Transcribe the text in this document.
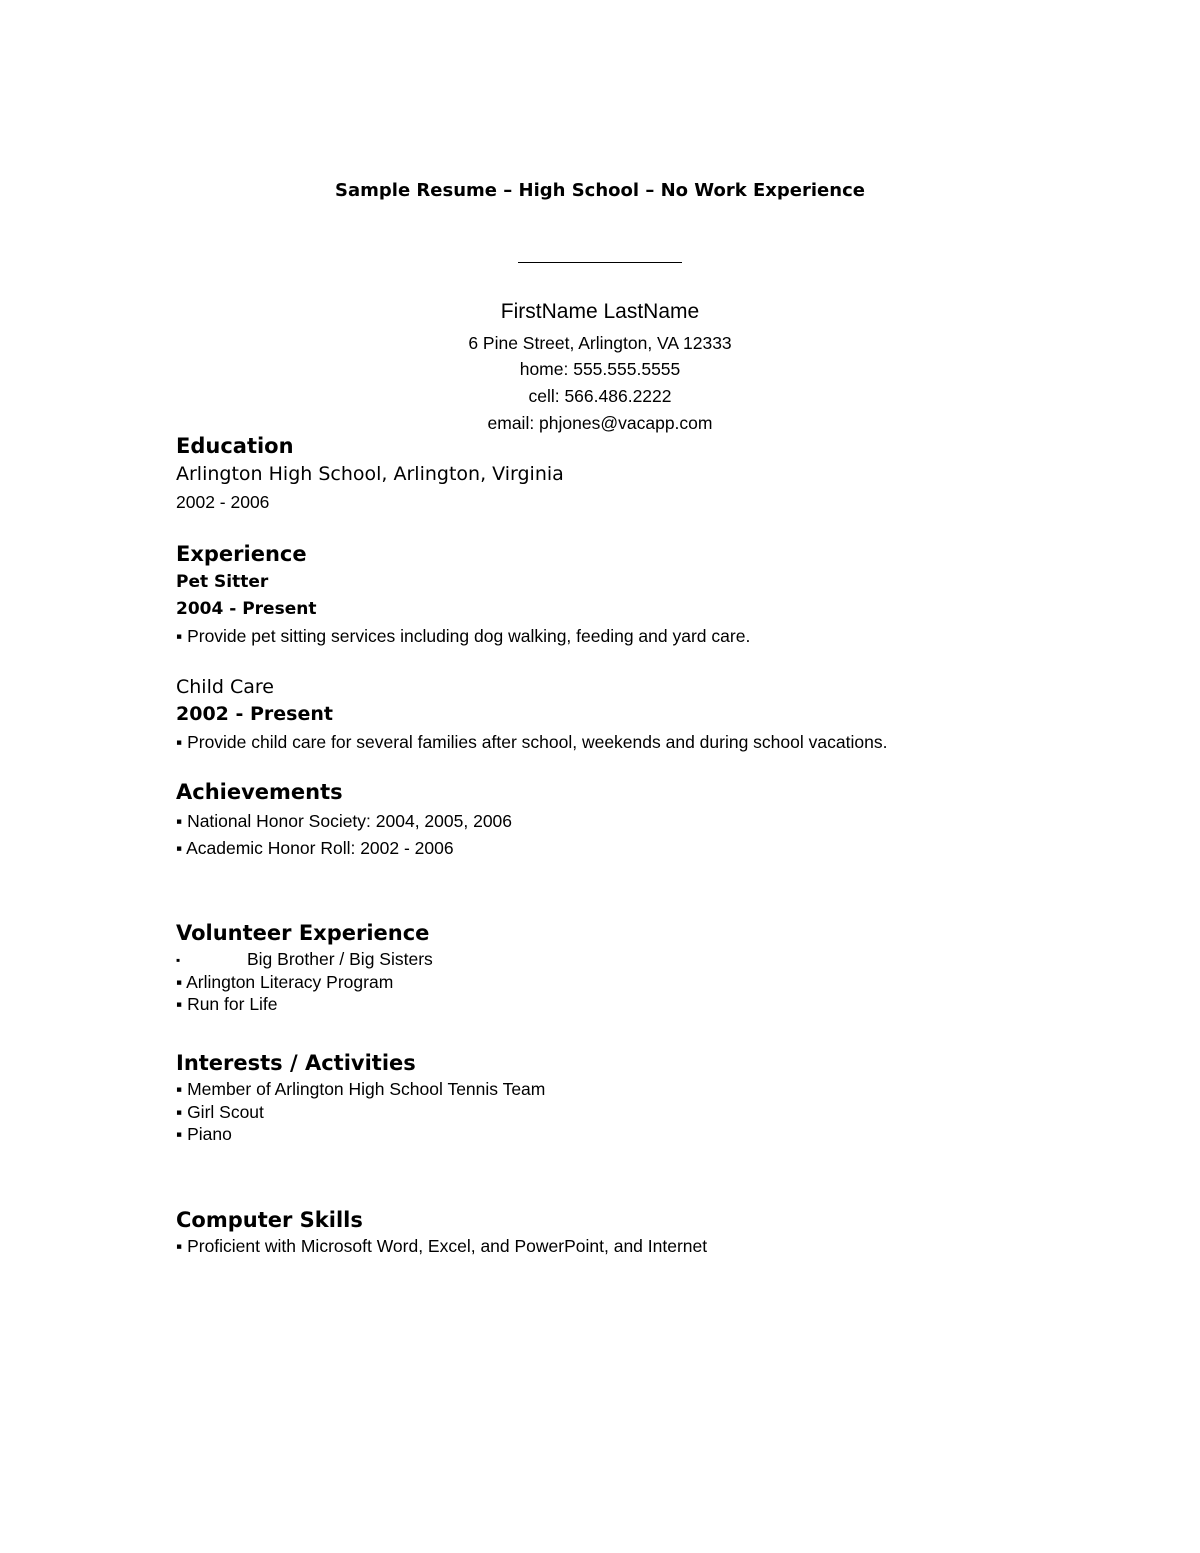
Sample Resume – High School – No Work Experience
FirstName LastName
6 Pine Street, Arlington, VA 12333
home: 555.555.5555
cell: 566.486.2222
email: phjones@vacapp.com
Education
Arlington High School, Arlington, Virginia
2002 - 2006
Experience
Pet Sitter
2004 - Present
▪ Provide pet sitting services including dog walking, feeding and yard care.
Child Care
2002 - Present
▪ Provide child care for several families after school, weekends and during school vacations.
Achievements
▪ National Honor Society: 2004, 2005, 2006
▪ Academic Honor Roll: 2002 - 2006
Volunteer Experience
▪	Big Brother / Big Sisters
▪ Arlington Literacy Program
▪ Run for Life
Interests / Activities
▪ Member of Arlington High School Tennis Team
▪ Girl Scout
▪ Piano
Computer Skills
▪ Proficient with Microsoft Word, Excel, and PowerPoint, and Internet
